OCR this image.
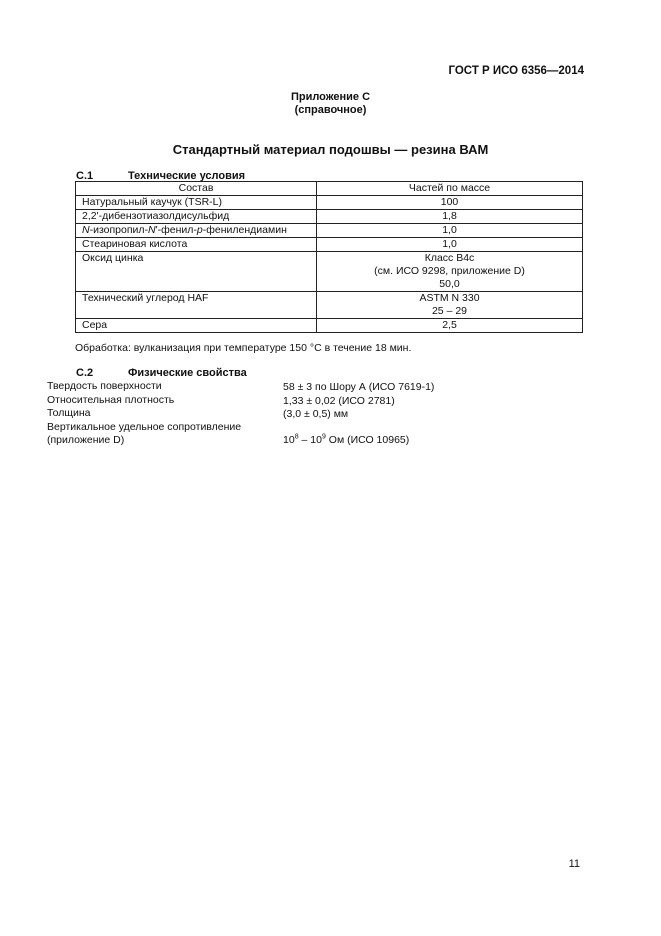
ГОСТ Р ИСО 6356—2014
Приложение С
(справочное)
Стандартный материал подошвы — резина ВАМ
С.1	Технические условия
Состав	Частей по массе
Натуральный каучук (TSR-L)	100
2,2'-дибензотиазолдисульфид	1,8
N-изопропил-N'-фенил-p-фенилендиамин	1,0
Стеариновая кислота	1,0
Оксид цинка	Класс В4с
(см. ИСО 9298, приложение D)
50,0

Технический углерод HAF	ASTM N 330
25 – 29

Сера	2,5
Обработка: вулканизация при температуре 150 °С в течение 18 мин.
С.2	Физические свойства
Твердость поверхности	58 ± 3 по Шору А (ИСО 7619-1)
Относительная плотность	1,33 ± 0,02 (ИСО 2781)
Толщина	(3,0 ± 0,5) мм
Вертикальное удельное сопротивление
(приложение D)	$10^8 - 10^9$ Ом (ИСО 10965)
11
